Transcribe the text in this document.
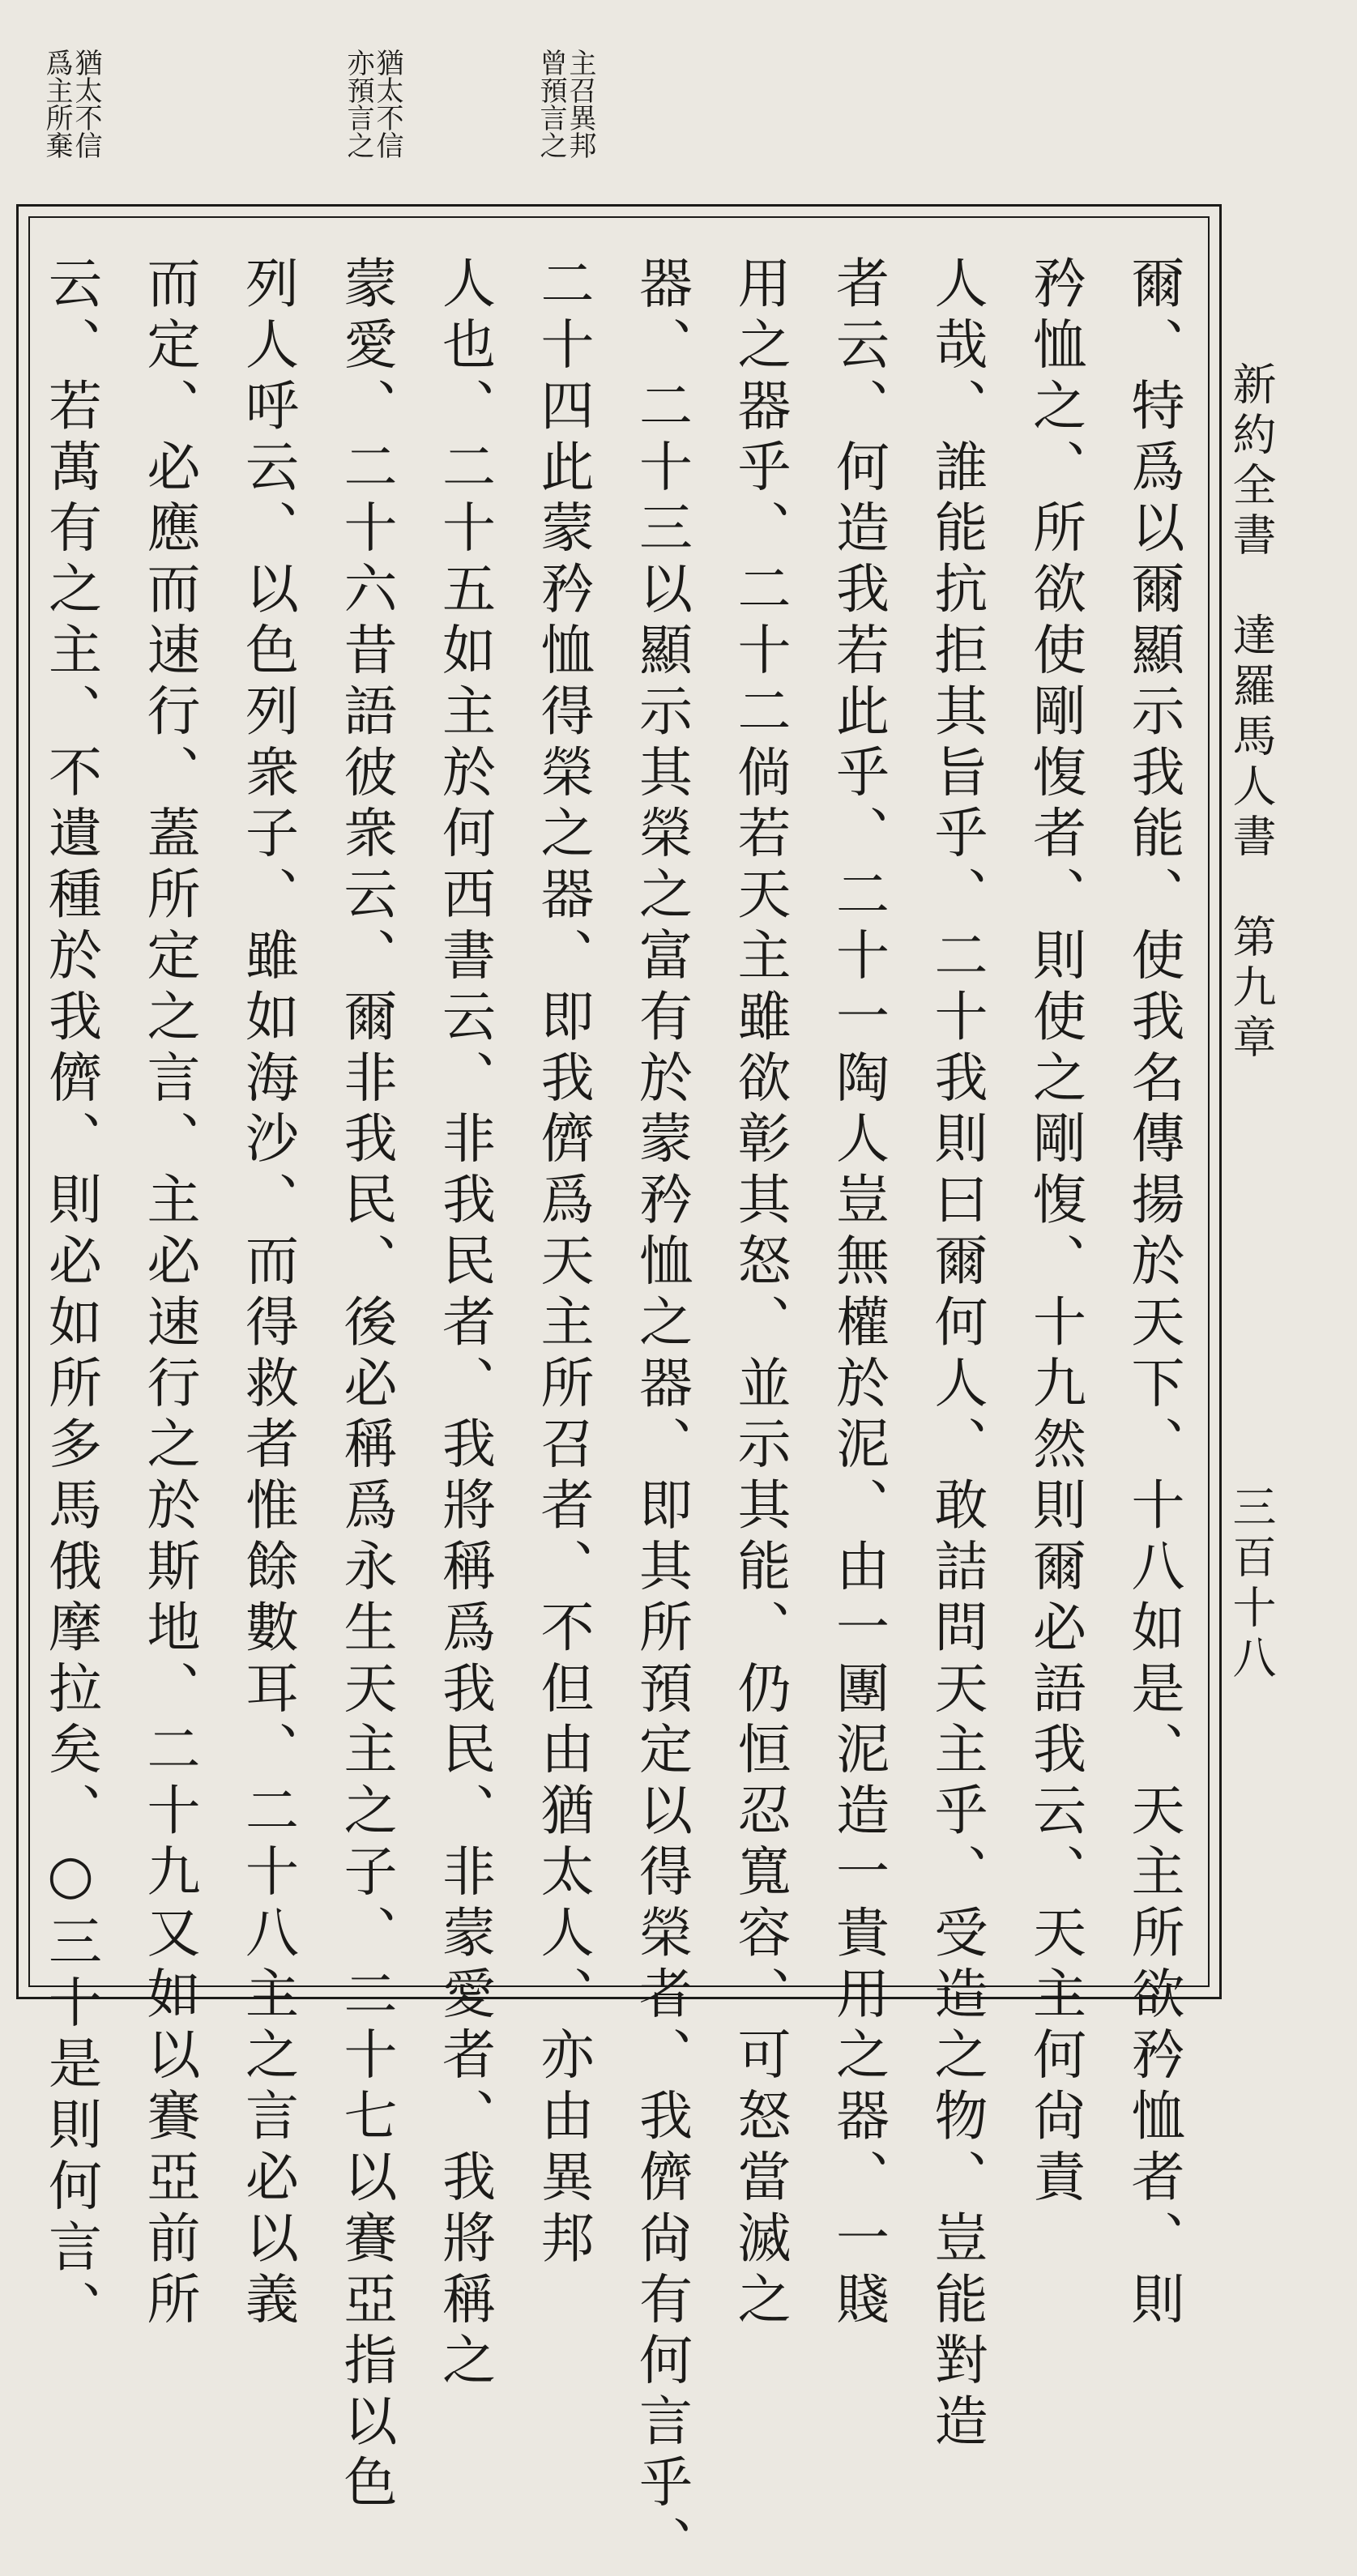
主召異邦
曾預言之
猶太不信
亦預言之
猶太不信
爲主所棄
新約全書　達羅馬人書　第九章
三百十八
爾、特爲以爾顯示我能、使我名傳揚於天下、十八如是、天主所欲矜恤者、則
矜恤之、所欲使剛愎者、則使之剛愎、十九然則爾必語我云、天主何尙責
人哉、誰能抗拒其旨乎、二十我則曰爾何人、敢詰問天主乎、受造之物、豈能對造
者云、何造我若此乎、二十一陶人豈無權於泥、由一團泥造一貴用之器、一賤
用之器乎、二十二倘若天主雖欲彰其怒、並示其能、仍恒忍寬容、可怒當滅之
器、二十三以顯示其榮之富有於蒙矜恤之器、即其所預定以得榮者、我儕尙有何言乎、
二十四此蒙矜恤得榮之器、即我儕爲天主所召者、不但由猶太人、亦由異邦
人也、二十五如主於何西書云、非我民者、我將稱爲我民、非蒙愛者、我將稱之
蒙愛、二十六昔語彼衆云、爾非我民、後必稱爲永生天主之子、二十七以賽亞指以色
列人呼云、以色列衆子、雖如海沙、而得救者惟餘數耳、二十八主之言必以義
而定、必應而速行、蓋所定之言、主必速行之於斯地、二十九又如以賽亞前所
云、若萬有之主、不遺種於我儕、則必如所多馬俄摩拉矣、○三十是則何言、
